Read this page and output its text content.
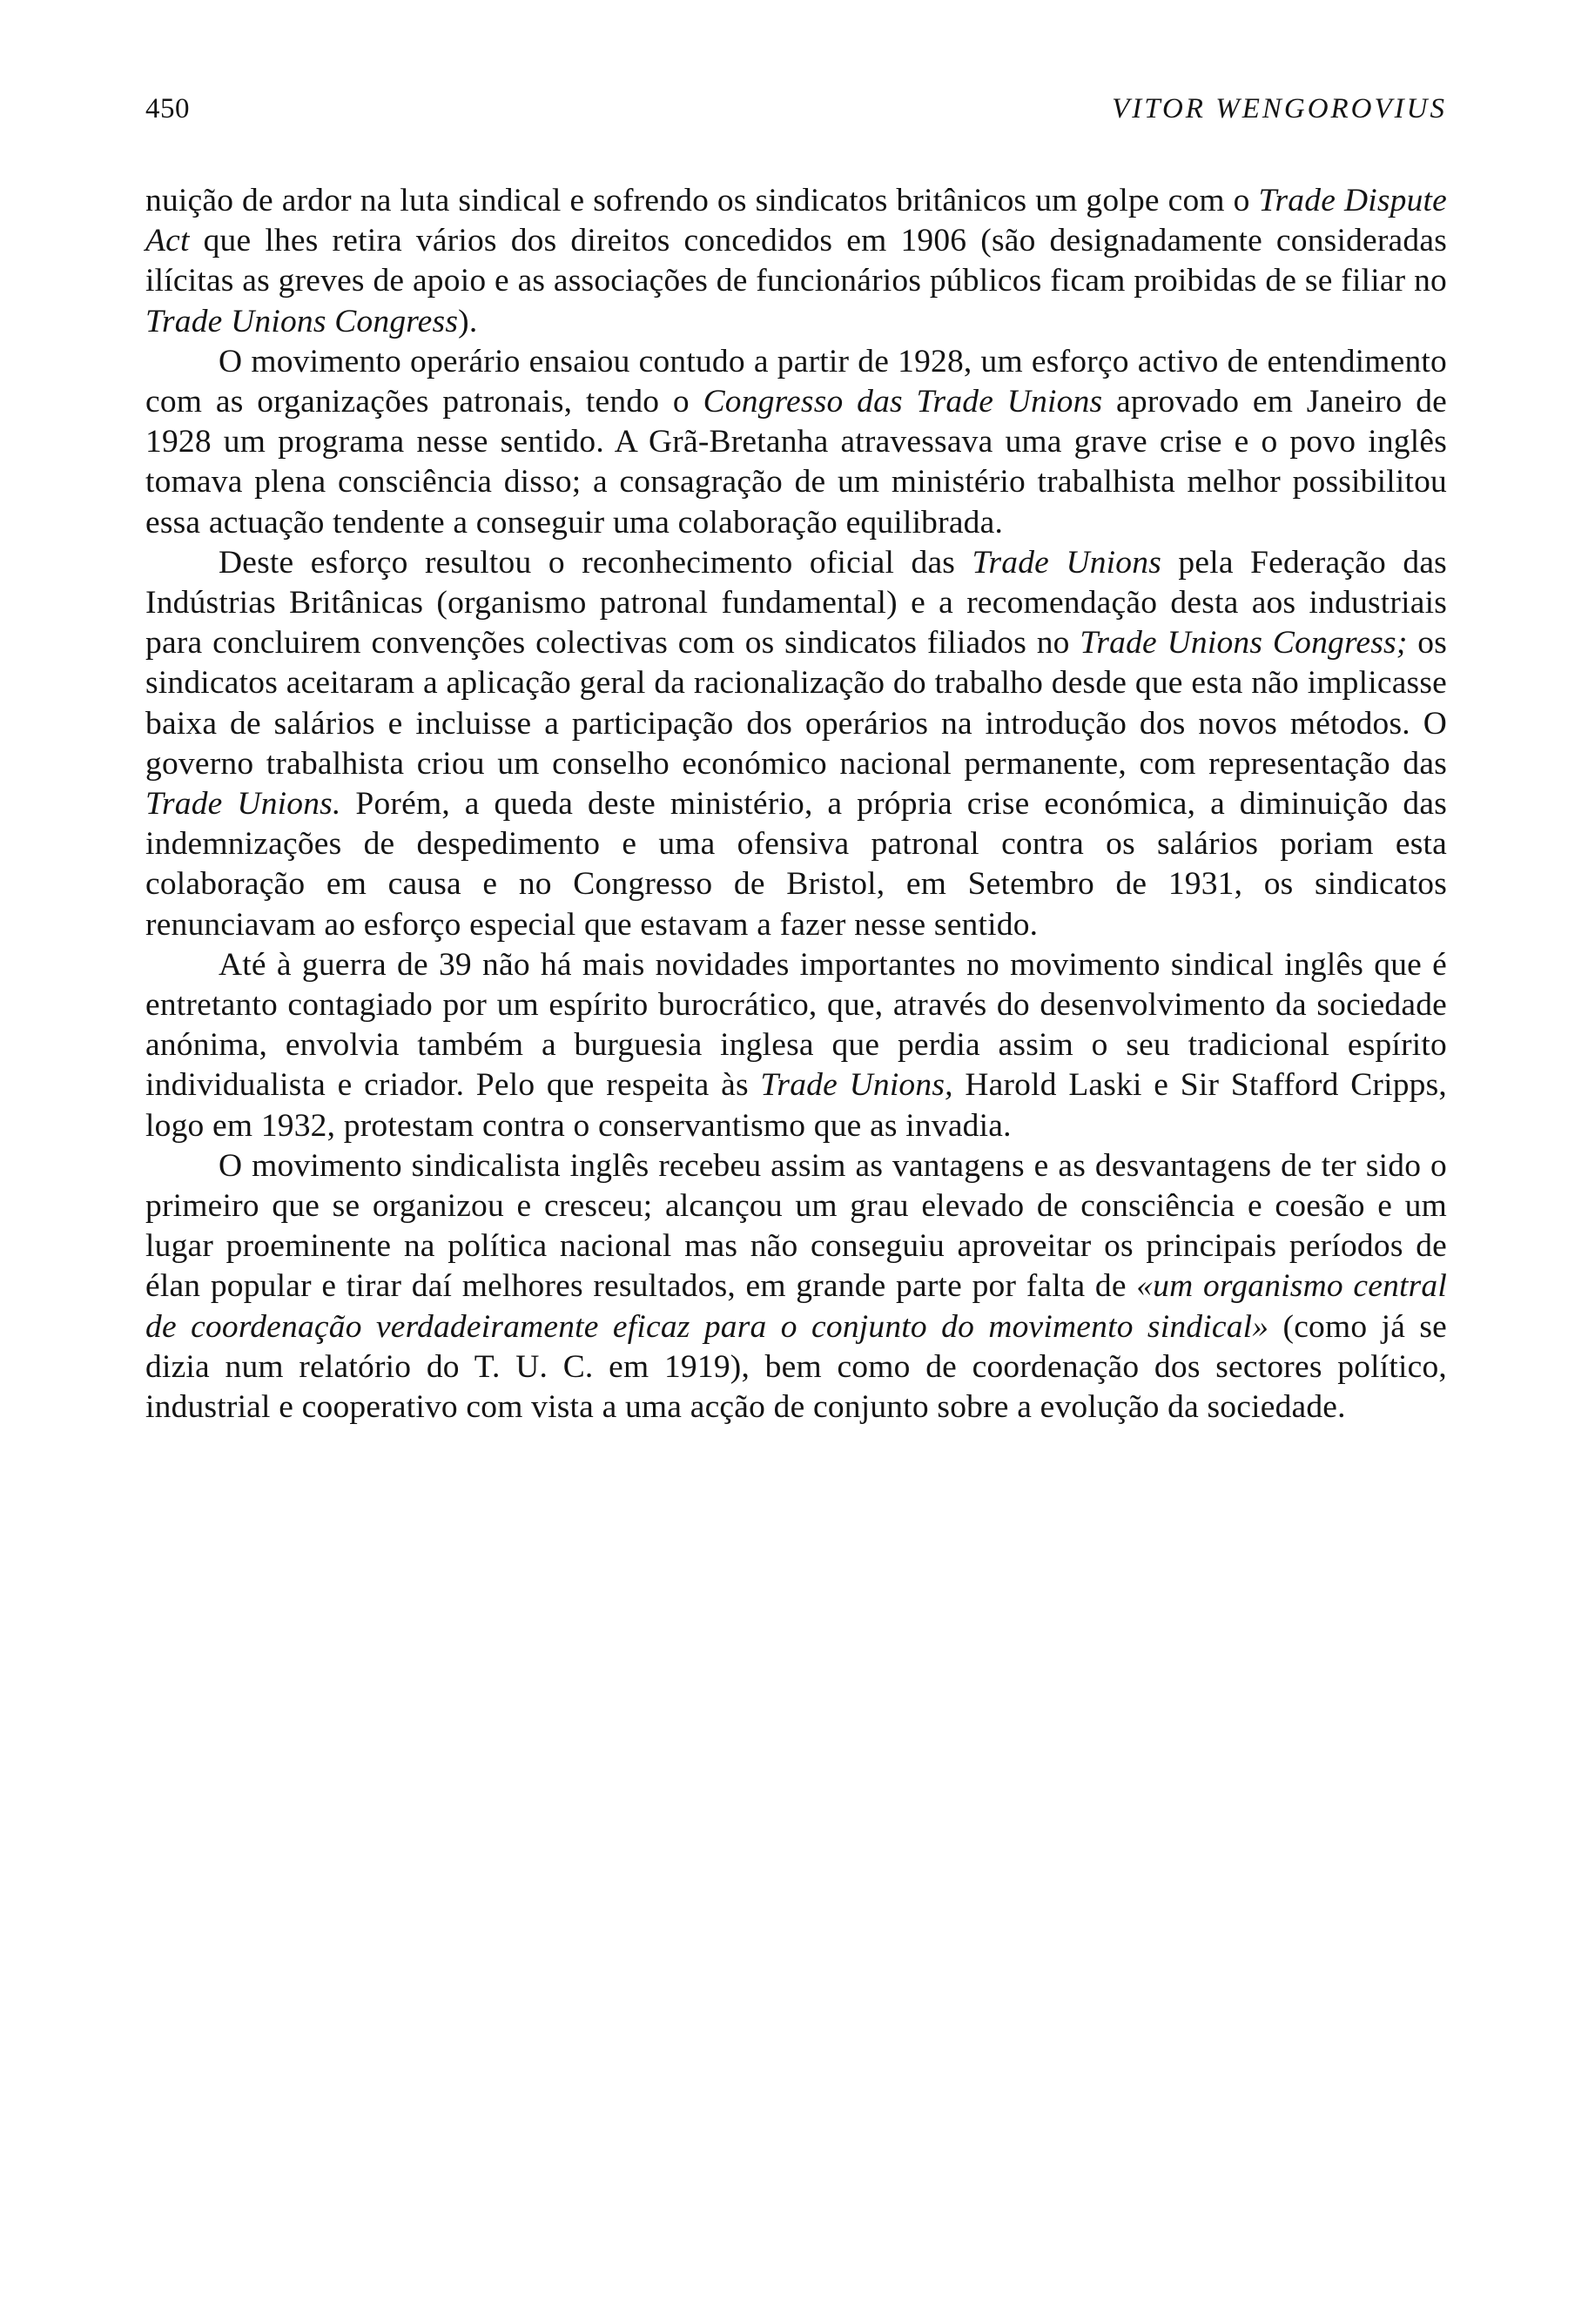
450	VITOR WENGOROVIUS

nuição de ardor na luta sindical e sofrendo os sindicatos britânicos um golpe com o Trade Dispute Act que lhes retira vários dos direitos concedidos em 1906 (são designadamente consideradas ilícitas as greves de apoio e as associações de funcionários públicos ficam proibidas de se filiar no Trade Unions Congress).

O movimento operário ensaiou contudo a partir de 1928, um esforço activo de entendimento com as organizações patronais, tendo o Congresso das Trade Unions aprovado em Janeiro de 1928 um programa nesse sentido. A Grã-Bretanha atravessava uma grave crise e o povo inglês tomava plena consciência disso; a consagração de um ministério trabalhista melhor possibilitou essa actuação tendente a conseguir uma colaboração equilibrada.

Deste esforço resultou o reconhecimento oficial das Trade Unions pela Federação das Indústrias Britânicas (organismo patronal fundamental) e a recomendação desta aos industriais para concluirem convenções colectivas com os sindicatos filiados no Trade Unions Congress; os sindicatos aceitaram a aplicação geral da racionalização do trabalho desde que esta não implicasse baixa de salários e incluisse a participação dos operários na introdução dos novos métodos. O governo trabalhista criou um conselho económico nacional permanente, com representação das Trade Unions. Porém, a queda deste ministério, a própria crise económica, a diminuição das indemnizações de despedimento e uma ofensiva patronal contra os salários poriam esta colaboração em causa e no Congresso de Bristol, em Setembro de 1931, os sindicatos renunciavam ao esforço especial que estavam a fazer nesse sentido.

Até à guerra de 39 não há mais novidades importantes no movimento sindical inglês que é entretanto contagiado por um espírito burocrático, que, através do desenvolvimento da sociedade anónima, envolvia também a burguesia inglesa que perdia assim o seu tradicional espírito individualista e criador. Pelo que respeita às Trade Unions, Harold Laski e Sir Stafford Cripps, logo em 1932, protestam contra o conservantismo que as invadia.

O movimento sindicalista inglês recebeu assim as vantagens e as desvantagens de ter sido o primeiro que se organizou e cresceu; alcançou um grau elevado de consciência e coesão e um lugar proeminente na política nacional mas não conseguiu aproveitar os principais períodos de élan popular e tirar daí melhores resultados, em grande parte por falta de «um organismo central de coordenação verdadeiramente eficaz para o conjunto do movimento sindical» (como já se dizia num relatório do T. U. C. em 1919), bem como de coordenação dos sectores político, industrial e cooperativo com vista a uma acção de conjunto sobre a evolução da sociedade.
